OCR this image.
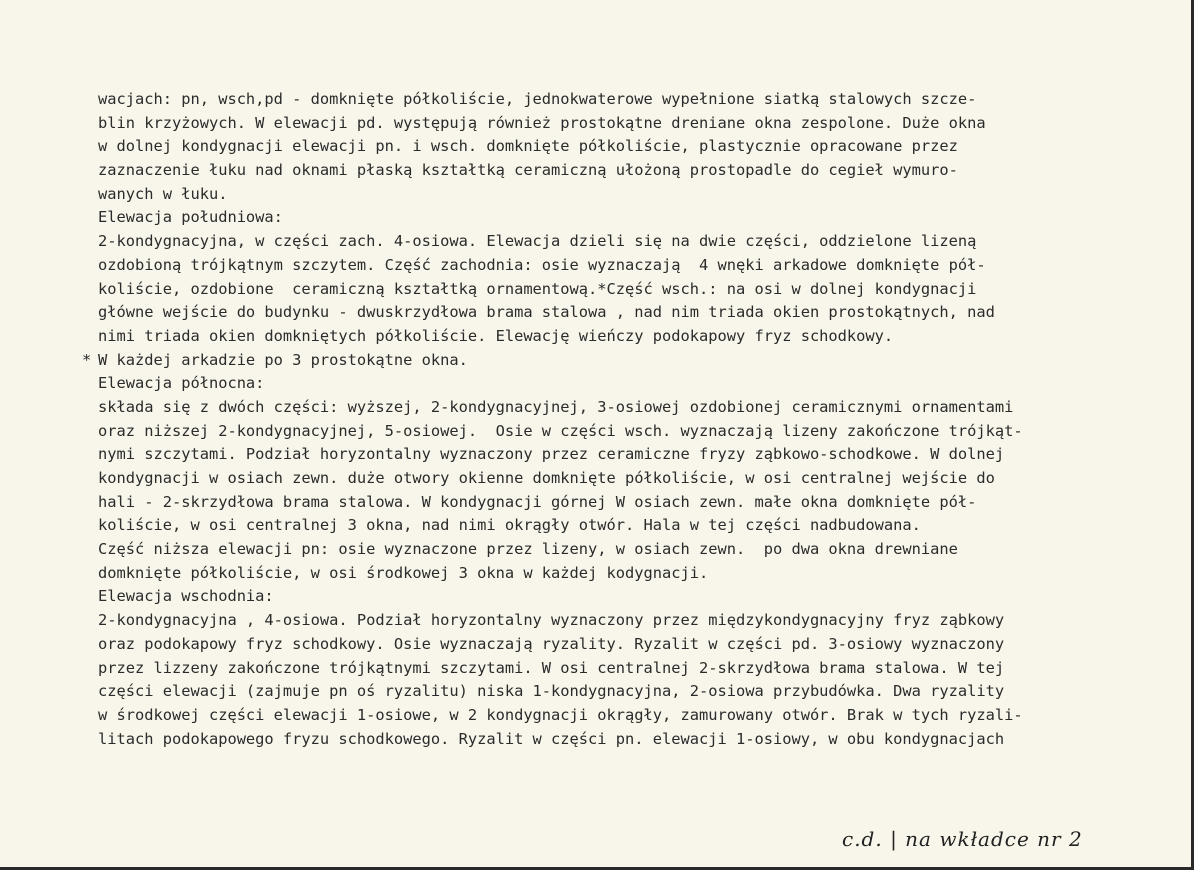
wacjach: pn, wsch,pd - domknięte półkoliście, jednokwaterowe wypełnione siatką stalowych szcze-
blin krzyżowych. W elewacji pd. występują również prostokątne dreniane okna zespolone. Duże okna
w dolnej kondygnacji elewacji pn. i wsch. domknięte półkoliście, plastycznie opracowane przez
zaznaczenie łuku nad oknami płaską kształtką ceramiczną ułożoną prostopadle do cegieł wymuro-
wanych w łuku.
Elewacja południowa:
2-kondygnacyjna, w części zach. 4-osiowa. Elewacja dzieli się na dwie części, oddzielone lizeną
ozdobioną trójkątnym szczytem. Część zachodnia: osie wyznaczają  4 wnęki arkadowe domknięte pół-
koliście, ozdobione  ceramiczną kształtką ornamentową.*Część wsch.: na osi w dolnej kondygnacji
główne wejście do budynku - dwuskrzydłowa brama stalowa , nad nim triada okien prostokątnych, nad
nimi triada okien domkniętych półkoliście. Elewację wieńczy podokapowy fryz schodkowy.
* W każdej arkadzie po 3 prostokątne okna.
Elewacja północna:
składa się z dwóch części: wyższej, 2-kondygnacyjnej, 3-osiowej ozdobionej ceramicznymi ornamentami
oraz niższej 2-kondygnacyjnej, 5-osiowej.  Osie w części wsch. wyznaczają lizeny zakończone trójkąt-
nymi szczytami. Podział horyzontalny wyznaczony przez ceramiczne fryzy ząbkowo-schodkowe. W dolnej
kondygnacji w osiach zewn. duże otwory okienne domknięte półkoliście, w osi centralnej wejście do
hali - 2-skrzydłowa brama stalowa. W kondygnacji górnej W osiach zewn. małe okna domknięte pół-
koliście, w osi centralnej 3 okna, nad nimi okrągły otwór. Hala w tej części nadbudowana.
Część niższa elewacji pn: osie wyznaczone przez lizeny, w osiach zewn.  po dwa okna drewniane
domknięte półkoliście, w osi środkowej 3 okna w każdej kodygnacji.
Elewacja wschodnia:
2-kondygnacyjna , 4-osiowa. Podział horyzontalny wyznaczony przez międzykondygnacyjny fryz ząbkowy
oraz podokapowy fryz schodkowy. Osie wyznaczają ryzality. Ryzalit w części pd. 3-osiowy wyznaczony
przez lizzeny zakończone trójkątnymi szczytami. W osi centralnej 2-skrzydłowa brama stalowa. W tej
części elewacji (zajmuje pn oś ryzalitu) niska 1-kondygnacyjna, 2-osiowa przybudówka. Dwa ryzality
w środkowej części elewacji 1-osiowe, w 2 kondygnacji okrągły, zamurowany otwór. Brak w tych ryzali-
litach podokapowego fryzu schodkowego. Ryzalit w części pn. elewacji 1-osiowy, w obu kondygnacjach
c.d. | na wkładce nr 2
